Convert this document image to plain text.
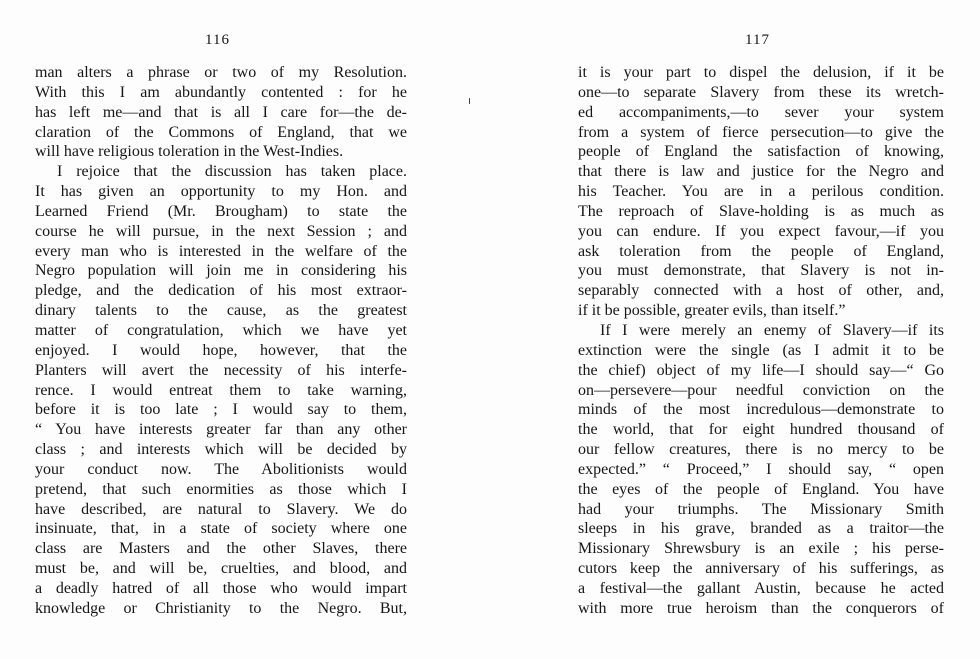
116
man alters a phrase or two of my Resolution.
With this I am abundantly contented : for he
has left me—and that is all I care for—the de-
claration of the Commons of England, that we
will have religious toleration in the West-Indies.
I rejoice that the discussion has taken place.
It has given an opportunity to my Hon. and
Learned Friend (Mr. Brougham) to state the
course he will pursue, in the next Session ; and
every man who is interested in the welfare of the
Negro population will join me in considering his
pledge, and the dedication of his most extraor-
dinary talents to the cause, as the greatest
matter of congratulation, which we have yet
enjoyed. I would hope, however, that the
Planters will avert the necessity of his interfe-
rence. I would entreat them to take warning,
before it is too late ; I would say to them,
“ You have interests greater far than any other
class ; and interests which will be decided by
your conduct now. The Abolitionists would
pretend, that such enormities as those which I
have described, are natural to Slavery. We do
insinuate, that, in a state of society where one
class are Masters and the other Slaves, there
must be, and will be, cruelties, and blood, and
a deadly hatred of all those who would impart
knowledge or Christianity to the Negro. But,
117
it is your part to dispel the delusion, if it be
one—to separate Slavery from these its wretch-
ed accompaniments,—to sever your system
from a system of fierce persecution—to give the
people of England the satisfaction of knowing,
that there is law and justice for the Negro and
his Teacher. You are in a perilous condition.
The reproach of Slave-holding is as much as
you can endure. If you expect favour,—if you
ask toleration from the people of England,
you must demonstrate, that Slavery is not in-
separably connected with a host of other, and,
if it be possible, greater evils, than itself.”
If I were merely an enemy of Slavery—if its
extinction were the single (as I admit it to be
the chief) object of my life—I should say—“ Go
on—persevere—pour needful conviction on the
minds of the most incredulous—demonstrate to
the world, that for eight hundred thousand of
our fellow creatures, there is no mercy to be
expected.” “ Proceed,” I should say, “ open
the eyes of the people of England. You have
had your triumphs. The Missionary Smith
sleeps in his grave, branded as a traitor—the
Missionary Shrewsbury is an exile ; his perse-
cutors keep the anniversary of his sufferings, as
a festival—the gallant Austin, because he acted
with more true heroism than the conquerors of
